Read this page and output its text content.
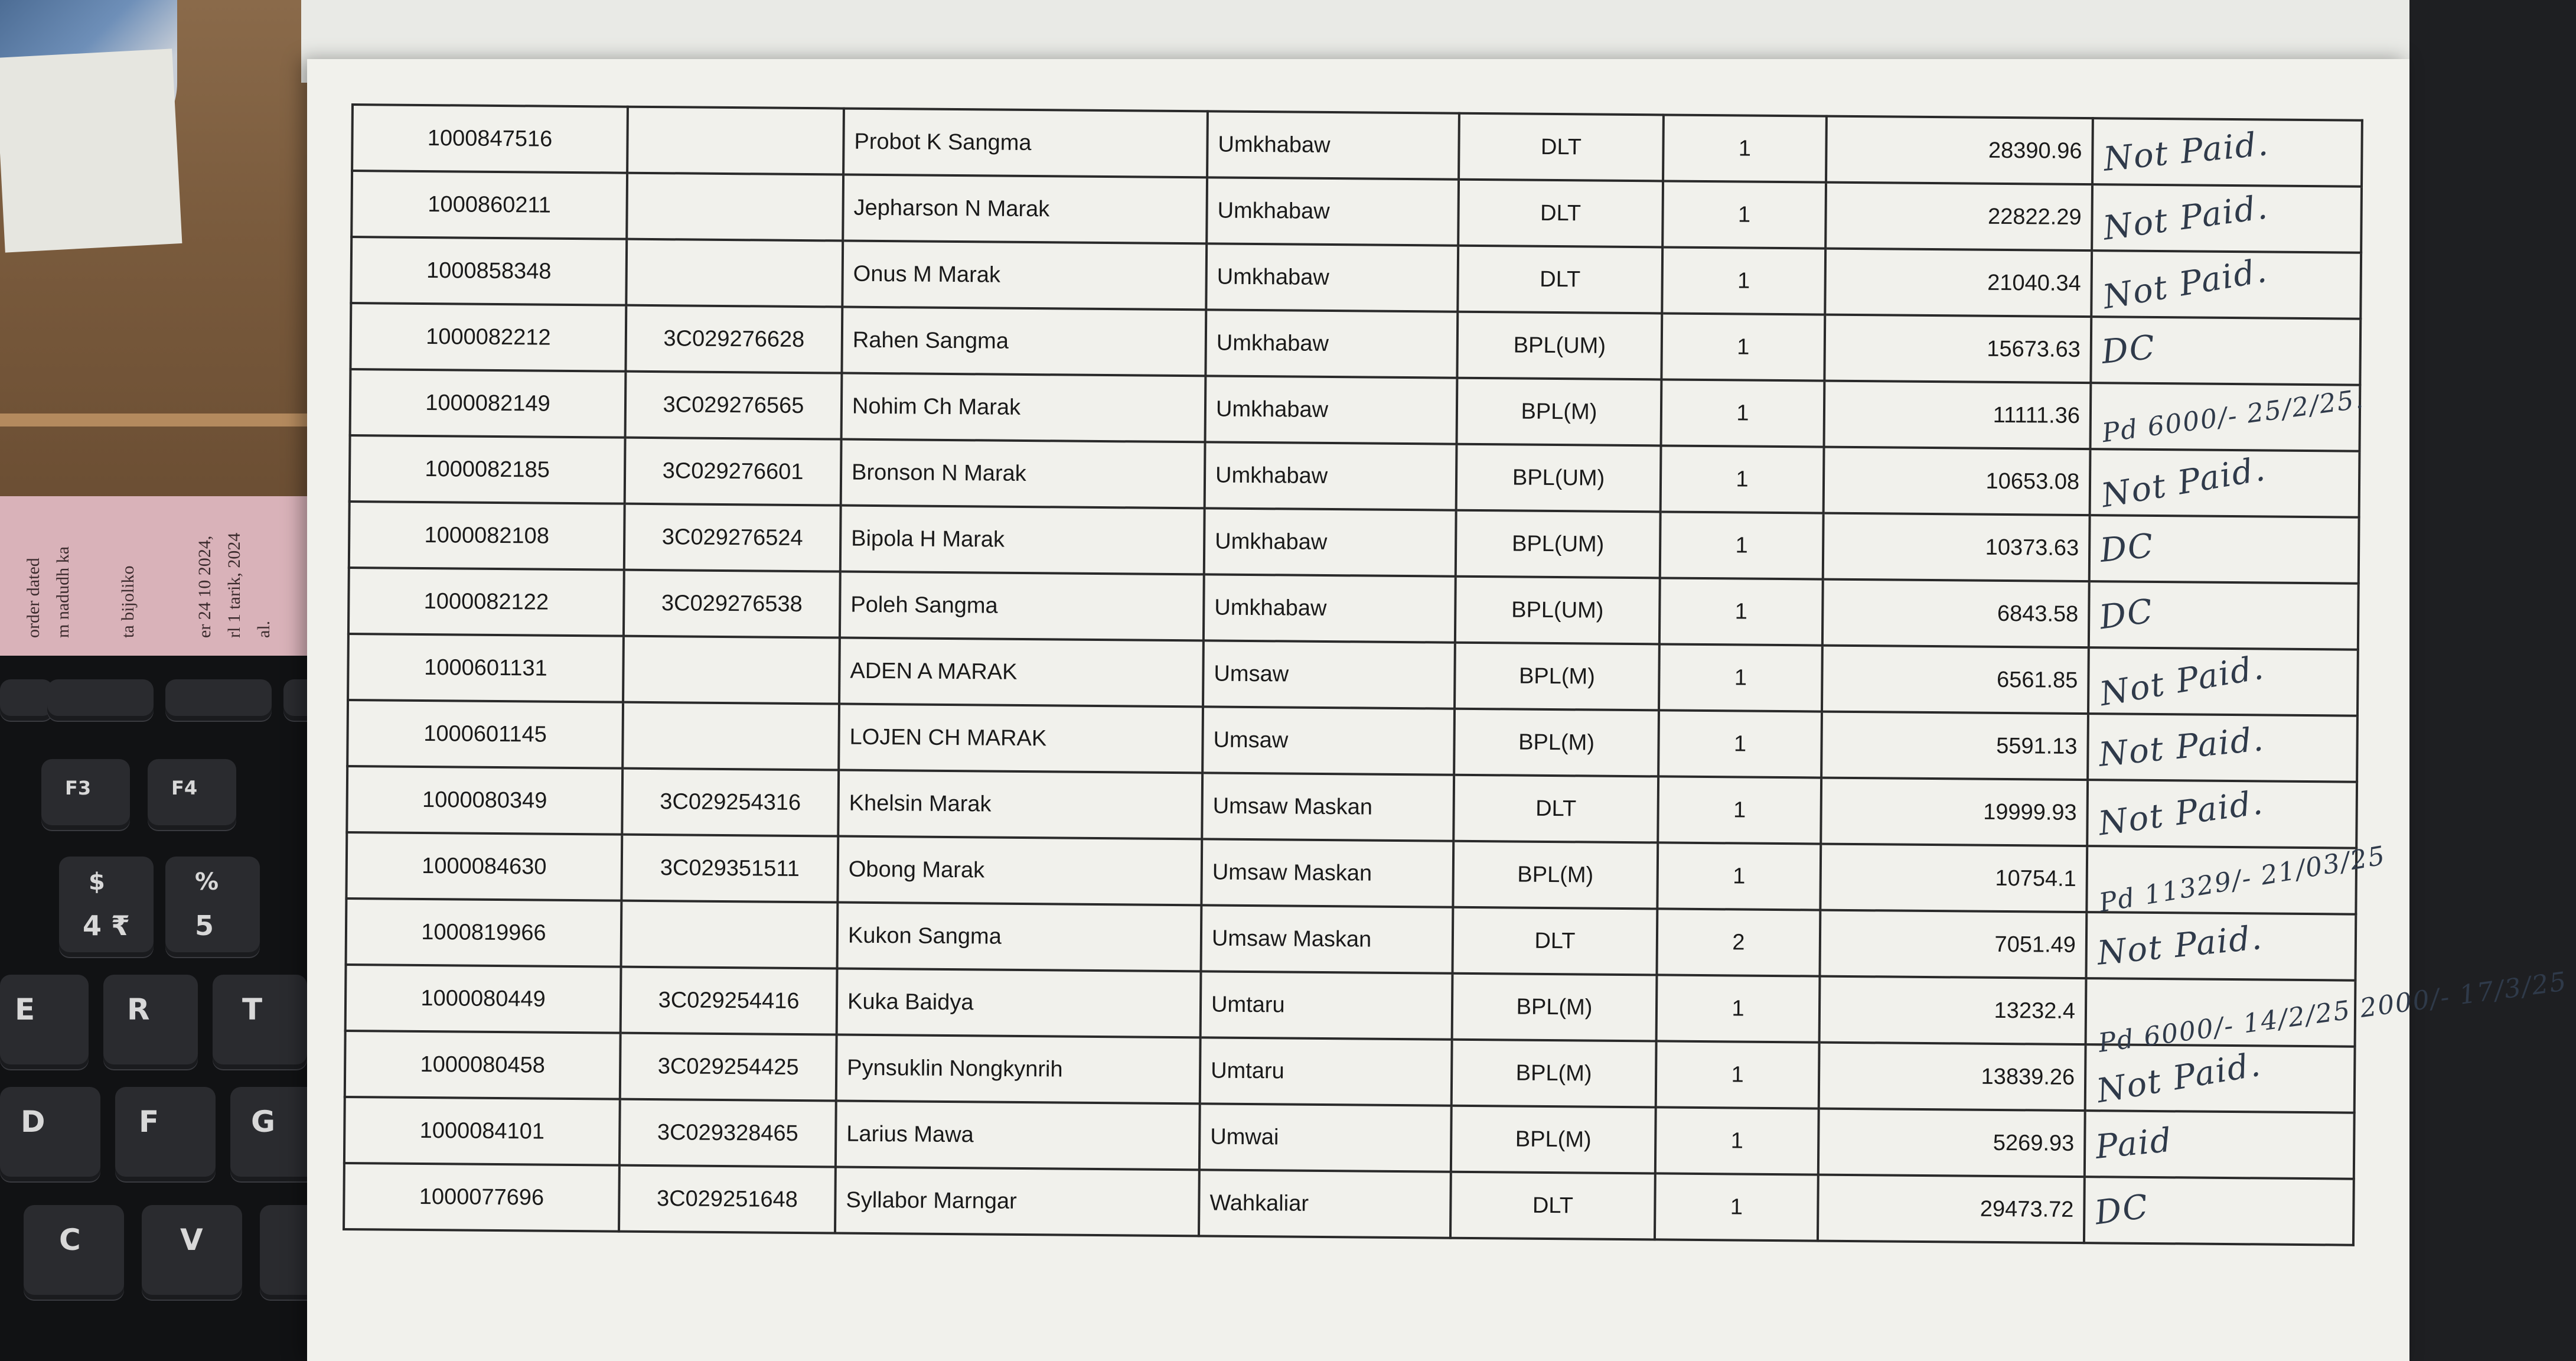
order dated m nadudh ka	ta bijoliko	er 24 10 2024, rl 1 tarik, 2024 al.
F3	F4
$
4 ₹
%
5
E	R	T
D	F	G
C	V
1000847516		Probot K Sangma	Umkhabaw	DLT	1	28390.96	Not Paid.
1000860211		Jepharson N Marak	Umkhabaw	DLT	1	22822.29	Not Paid.
1000858348		Onus M Marak	Umkhabaw	DLT	1	21040.34	Not Paid.
1000082212	3C029276628	Rahen Sangma	Umkhabaw	BPL(UM)	1	15673.63	DC
1000082149	3C029276565	Nohim Ch Marak	Umkhabaw	BPL(M)	1	11111.36	Pd 6000/- 25/2/25.
1000082185	3C029276601	Bronson N Marak	Umkhabaw	BPL(UM)	1	10653.08	Not Paid.
1000082108	3C029276524	Bipola H Marak	Umkhabaw	BPL(UM)	1	10373.63	DC
1000082122	3C029276538	Poleh Sangma	Umkhabaw	BPL(UM)	1	6843.58	DC
1000601131		ADEN A MARAK	Umsaw	BPL(M)	1	6561.85	Not Paid.
1000601145		LOJEN CH MARAK	Umsaw	BPL(M)	1	5591.13	Not Paid.
1000080349	3C029254316	Khelsin Marak	Umsaw Maskan	DLT	1	19999.93	Not Paid.
1000084630	3C029351511	Obong Marak	Umsaw Maskan	BPL(M)	1	10754.1	Pd 11329/- 21/03/25
1000819966		Kukon Sangma	Umsaw Maskan	DLT	2	7051.49	Not Paid.
1000080449	3C029254416	Kuka Baidya	Umtaru	BPL(M)	1	13232.4	Pd 6000/- 14/2/25 2000/- 17/3/25
1000080458	3C029254425	Pynsuklin Nongkynrih	Umtaru	BPL(M)	1	13839.26	Not Paid.
1000084101	3C029328465	Larius Mawa	Umwai	BPL(M)	1	5269.93	Paid
1000077696	3C029251648	Syllabor Marngar	Wahkaliar	DLT	1	29473.72	DC
